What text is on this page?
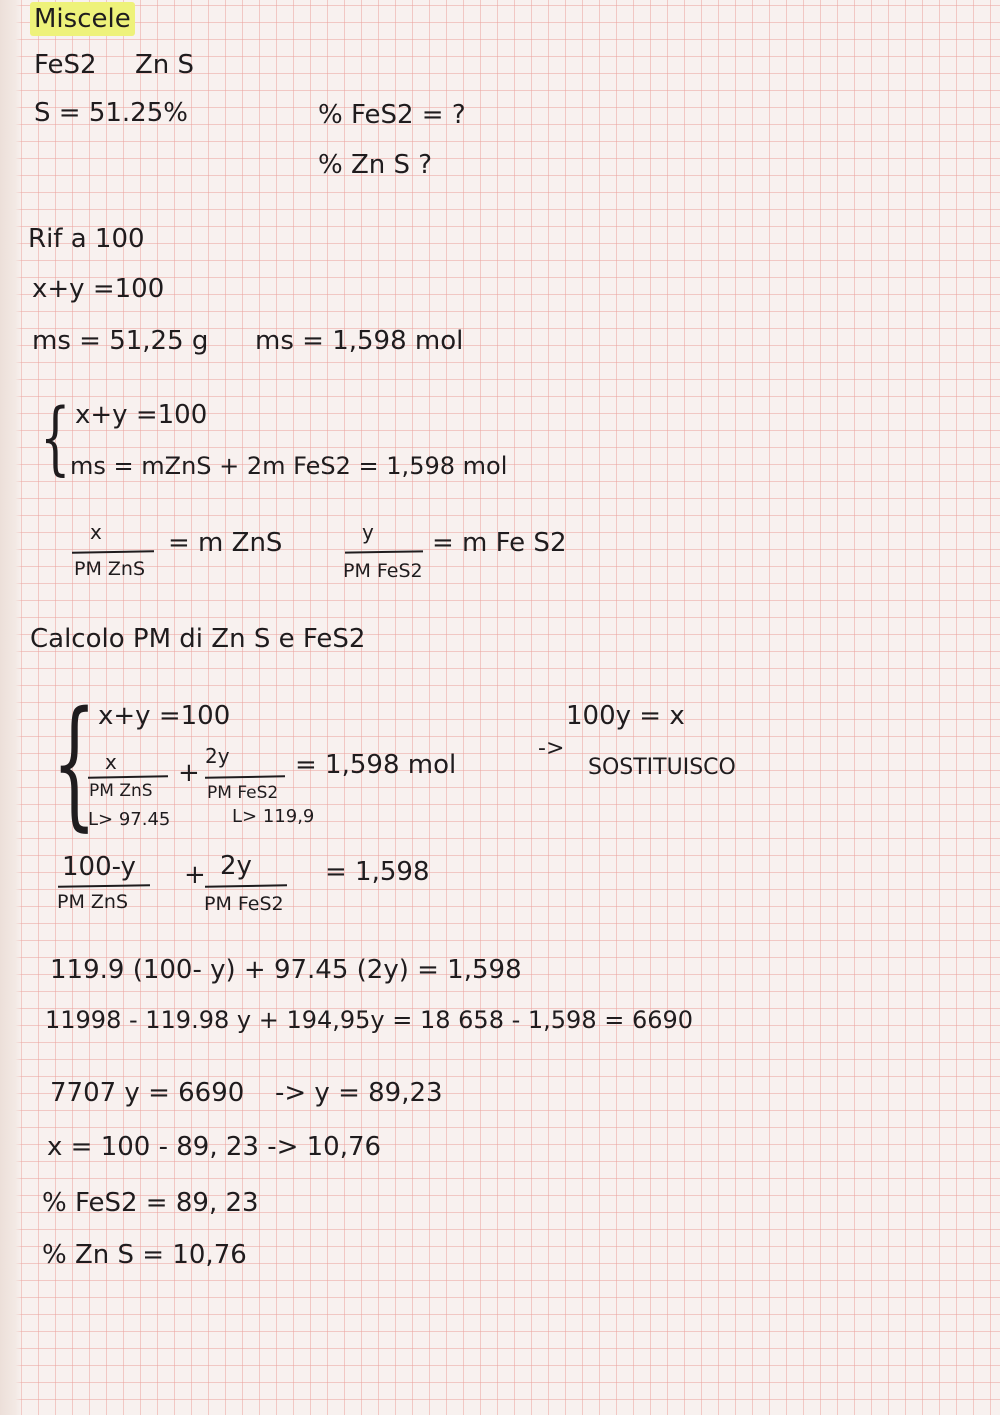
Miscele
FeS2 Zn S
S = 51.25%	% FeS2 = ?
% Zn S ?
Rif a 100
x+y =100
ms = 51,25 g ms = 1,598 mol
{ x+y =100
ms = mZnS + 2m FeS2 = 1,598 mol
x
PM ZnS
= m ZnS	y
PM FeS2
= m Fe S2
Calcolo PM di Zn S e FeS2
{ x+y =100
x
PM ZnS
L> 97.45
+
2y
PM FeS2
L> 119,9
= 1,598 mol
->
100y = x
SOSTITUISCO
100-y
PM ZnS
+ 2y
PM FeS2
= 1,598
119.9 (100- y) + 97.45 (2y) = 1,598
11998 - 119.98 y + 194,95y = 18 658 - 1,598 = 6690
7707 y = 6690 -> y = 89,23
x = 100 - 89, 23 -> 10,76
% FeS2 = 89, 23
% Zn S = 10,76
